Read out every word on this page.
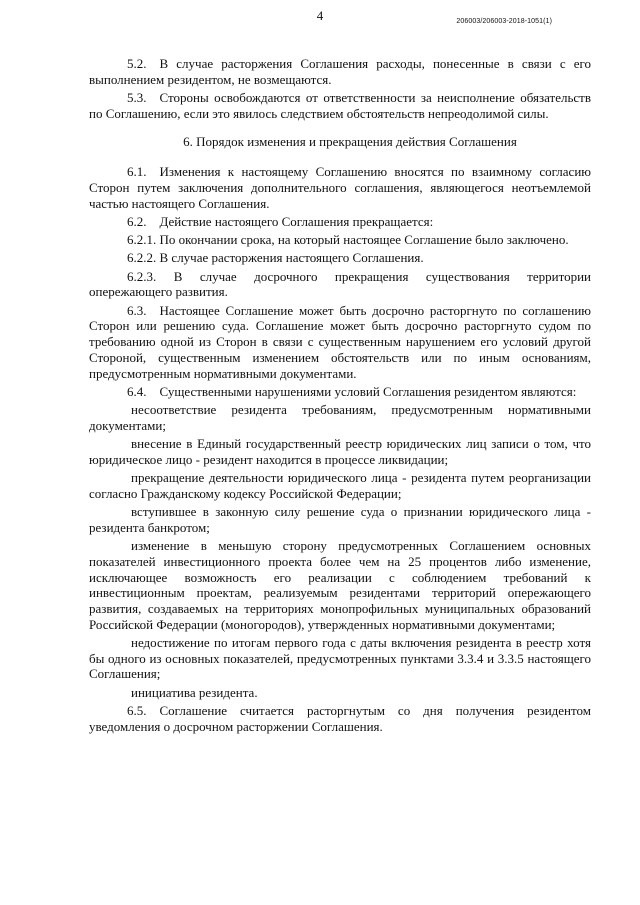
4	206003/206003-2018-1051(1)

5.2. В случае расторжения Соглашения расходы, понесенные в связи с его выполнением резидентом, не возмещаются.

5.3. Стороны освобождаются от ответственности за неисполнение обязательств по Соглашению, если это явилось следствием обстоятельств непреодолимой силы.

6. Порядок изменения и прекращения действия Соглашения

6.1. Изменения к настоящему Соглашению вносятся по взаимному согласию Сторон путем заключения дополнительного соглашения, являющегося неотъемлемой частью настоящего Соглашения.

6.2. Действие настоящего Соглашения прекращается:

6.2.1. По окончании срока, на который настоящее Соглашение было заключено.

6.2.2. В случае расторжения настоящего Соглашения.

6.2.3. В случае досрочного прекращения существования территории опережающего развития.

6.3. Настоящее Соглашение может быть досрочно расторгнуто по соглашению Сторон или решению суда. Соглашение может быть досрочно расторгнуто судом по требованию одной из Сторон в связи с существенным нарушением его условий другой Стороной, существенным изменением обстоятельств или по иным основаниям, предусмотренным нормативными документами.

6.4. Существенными нарушениями условий Соглашения резидентом являются:

несоответствие резидента требованиям, предусмотренным нормативными документами;

внесение в Единый государственный реестр юридических лиц записи о том, что юридическое лицо - резидент находится в процессе ликвидации;

прекращение деятельности юридического лица - резидента путем реорганизации согласно Гражданскому кодексу Российской Федерации;

вступившее в законную силу решение суда о признании юридического лица - резидента банкротом;

изменение в меньшую сторону предусмотренных Соглашением основных показателей инвестиционного проекта более чем на 25 процентов либо изменение, исключающее возможность его реализации с соблюдением требований к инвестиционным проектам, реализуемым резидентами территорий опережающего развития, создаваемых на территориях монопрофильных муниципальных образований Российской Федерации (моногородов), утвержденных нормативными документами;

недостижение по итогам первого года с даты включения резидента в реестр хотя бы одного из основных показателей, предусмотренных пунктами 3.3.4 и 3.3.5 настоящего Соглашения;

инициатива резидента.

6.5. Соглашение считается расторгнутым со дня получения резидентом уведомления о досрочном расторжении Соглашения.
